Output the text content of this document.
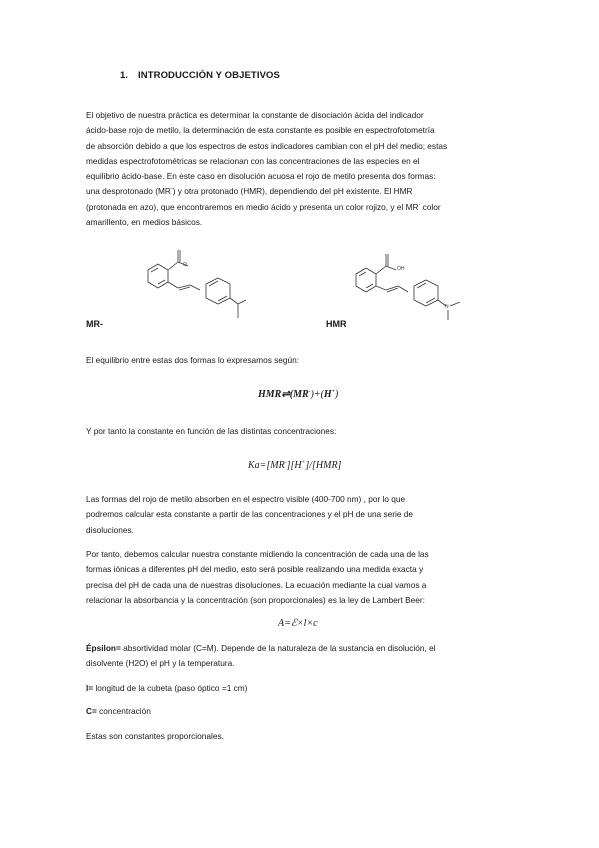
1. INTRODUCCIÓN Y OBJETIVOS

El objetivo de nuestra práctica es determinar la constante de disociación ácida del indicador

ácido-base rojo de metilo, la determinación de esta constante es posible en espectrofotometría

de absorción debido a que los espectros de estos indicadores cambian con el pH del medio; estas

medidas espectrofotométricas se relacionan con las concentraciones de las especies en el

equilibrio ácido-base. En este caso en disolución acuosa el rojo de metilo presenta dos formas:

una desprotonado (MR-) y otra protonado (HMR), dependiendo del pH existente. El HMR

(protonada en azo), que encontraremos en medio ácido y presenta un color rojizo, y el MR- color

amarillento, en medios básicos.

O
MR-
OH
N
HMR
El equilibrio entre estas dos formas lo expresamos según:
HMR⇌(MR-)+(H+)
Y por tanto la constante en función de las distintas concentraciones:
Ka=[MR-][H+]/[HMR]

Las formas del rojo de metilo absorben en el espectro visible (400-700 nm) , por lo que

podremos calcular esta constante a partir de las concentraciones y el pH de una serie de

disoluciones.

Por tanto, debemos calcular nuestra constante midiendo la concentración de cada una de las

formas iónicas a diferentes pH del medio, esto será posible realizando una medida exacta y

precisa del pH de cada una de nuestras disoluciones. La ecuación mediante la cual vamos a

relacionar la absorbancia y la concentración (son proporcionales) es la ley de Lambert Beer:

A=ℰ×l×c

Épsilon= absortividad molar (C=M). Depende de la naturaleza de la sustancia en disolución, el

disolvente (H2O) el pH y la temperatura.

l= longitud de la cubeta (paso óptico =1 cm)

C= concentración

Estas son constantes proporcionales.
